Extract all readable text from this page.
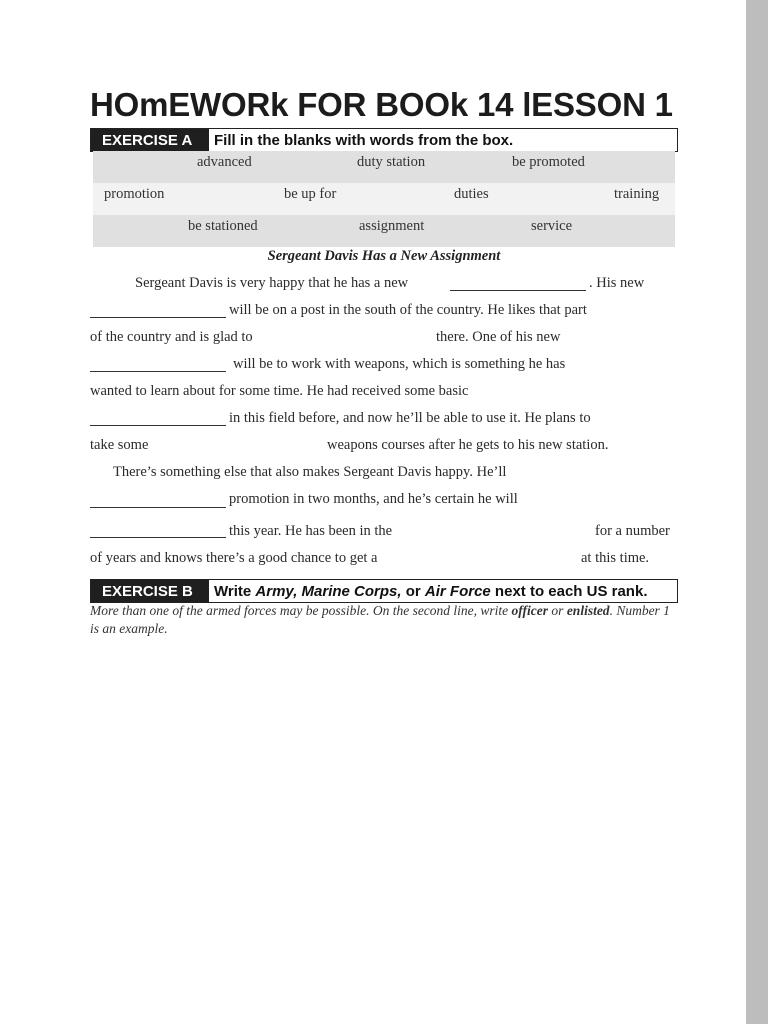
HOmEWORk FOR BOOk 14 lESSON 1
EXERCISE A	Fill in the blanks with words from the box.
advanced	duty station	be promoted
promotion	be up for	duties	training
be stationed	assignment	service

Sergeant Davis Has a New Assignment

Sergeant Davis is very happy that he has a new	. His new
will be on a post in the south of the country. He likes that part
of the country and is glad to	there. One of his new
will be to work with weapons, which is something he has
wanted to learn about for some time. He had received some basic
in this field before, and now he’ll be able to use it. He plans to
take some	weapons courses after he gets to his new station.
There’s something else that also makes Sergeant Davis happy. He’ll
promotion in two months, and he’s certain he will
this year. He has been in the	for a number
of years and knows there’s a good chance to get a	at this time.
EXERCISE B	Write Army, Marine Corps, or Air Force next to each US rank.

More than one of the armed forces may be possible. On the second line, write officer or enlisted. Number 1 is an example.
